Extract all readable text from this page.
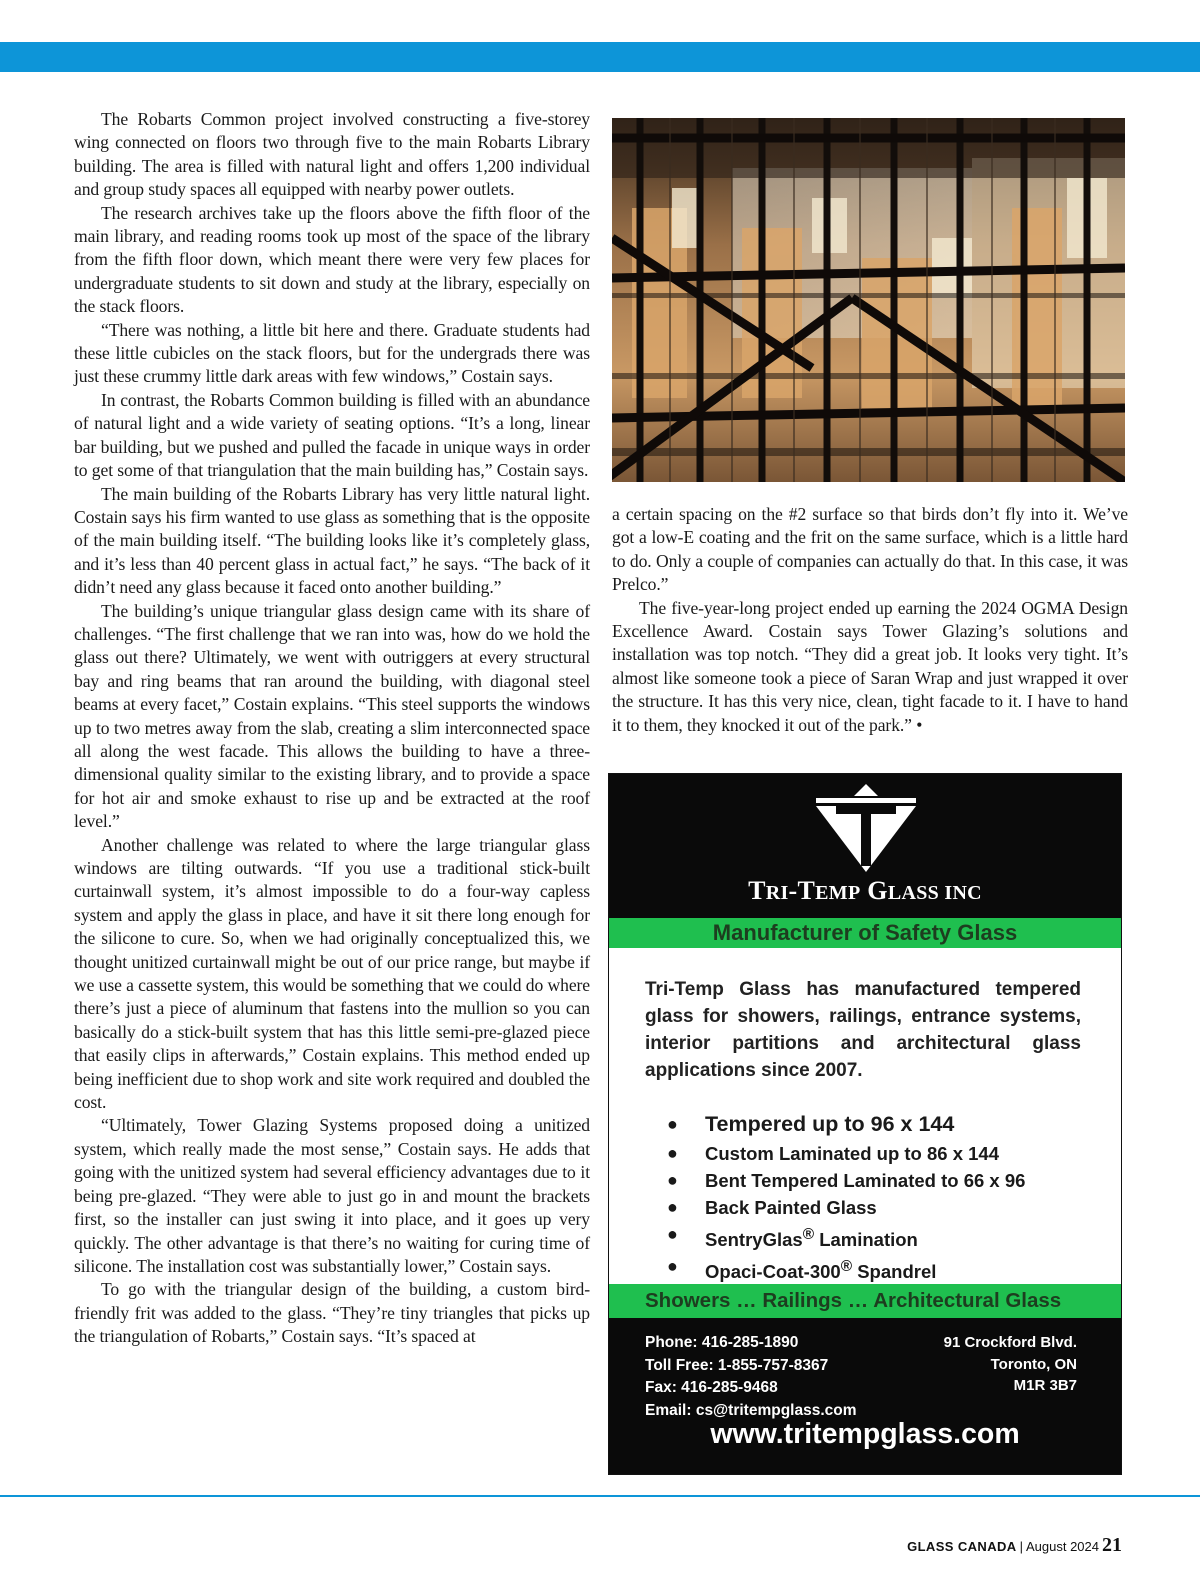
The Robarts Common project involved constructing a five-storey wing connected on floors two through five to the main Robarts Library building. The area is filled with natural light and offers 1,200 individual and group study spaces all equipped with nearby power outlets.

The research archives take up the floors above the fifth floor of the main library, and reading rooms took up most of the space of the library from the fifth floor down, which meant there were very few places for undergraduate students to sit down and study at the library, especially on the stack floors.

“There was nothing, a little bit here and there. Graduate students had these little cubicles on the stack floors, but for the undergrads there was just these crummy little dark areas with few windows,” Costain says.

In contrast, the Robarts Common building is filled with an abundance of natural light and a wide variety of seating options. “It’s a long, linear bar building, but we pushed and pulled the facade in unique ways in order to get some of that triangulation that the main building has,” Costain says.

The main building of the Robarts Library has very little natural light. Costain says his firm wanted to use glass as something that is the opposite of the main building itself. “The building looks like it’s completely glass, and it’s less than 40 percent glass in actual fact,” he says. “The back of it didn’t need any glass because it faced onto another building.”

The building’s unique triangular glass design came with its share of challenges. “The first challenge that we ran into was, how do we hold the glass out there? Ultimately, we went with outriggers at every structural bay and ring beams that ran around the building, with diagonal steel beams at every facet,” Costain explains. “This steel supports the windows up to two metres away from the slab, creating a slim interconnected space all along the west facade. This allows the building to have a three-dimensional quality similar to the existing library, and to provide a space for hot air and smoke exhaust to rise up and be extracted at the roof level.”

Another challenge was related to where the large triangular glass windows are tilting outwards. “If you use a traditional stick-built curtainwall system, it’s almost impossible to do a four-way capless system and apply the glass in place, and have it sit there long enough for the silicone to cure. So, when we had originally conceptualized this, we thought unitized curtainwall might be out of our price range, but maybe if we use a cassette system, this would be something that we could do where there’s just a piece of aluminum that fastens into the mullion so you can basically do a stick-built system that has this little semi-pre-glazed piece that easily clips in afterwards,” Costain explains. This method ended up being inefficient due to shop work and site work required and doubled the cost.

“Ultimately, Tower Glazing Systems proposed doing a unitized system, which really made the most sense,” Costain says. He adds that going with the unitized system had several efficiency advantages due to it being pre-glazed. “They were able to just go in and mount the brackets first, so the installer can just swing it into place, and it goes up very quickly. The other advantage is that there’s no waiting for curing time of silicone. The installation cost was substantially lower,” Costain says.

To go with the triangular design of the building, a custom bird-friendly frit was added to the glass. “They’re tiny triangles that picks up the triangulation of Robarts,” Costain says. “It’s spaced at

a certain spacing on the #2 surface so that birds don’t fly into it. We’ve got a low-E coating and the frit on the same surface, which is a little hard to do. Only a couple of companies can actually do that. In this case, it was Prelco.”

The five-year-long project ended up earning the 2024 OGMA Design Excellence Award. Costain says Tower Glazing’s solutions and installation was top notch. “They did a great job. It looks very tight. It’s almost like someone took a piece of Saran Wrap and just wrapped it over the structure. It has this very nice, clean, tight facade to it. I have to hand it to them, they knocked it out of the park.” •

TRI-TEMP GLASS INC
Manufacturer of Safety Glass
Tri-Temp Glass has manufactured tempered glass for showers, railings, entrance systems, interior partitions and architectural glass applications since 2007.
● Tempered up to 96 x 144
● Custom Laminated up to 86 x 144
● Bent Tempered Laminated to 66 x 96
● Back Painted Glass
● SentryGlas® Lamination
● Opaci-Coat-300® Spandrel
Showers … Railings … Architectural Glass
Phone: 416-285-1890
Toll Free: 1-855-757-8367
Fax: 416-285-9468
Email: cs@tritempglass.com
91 Crockford Blvd.
Toronto, ON
M1R 3B7
www.tritempglass.com
GLASS CANADA | August 2024 21
